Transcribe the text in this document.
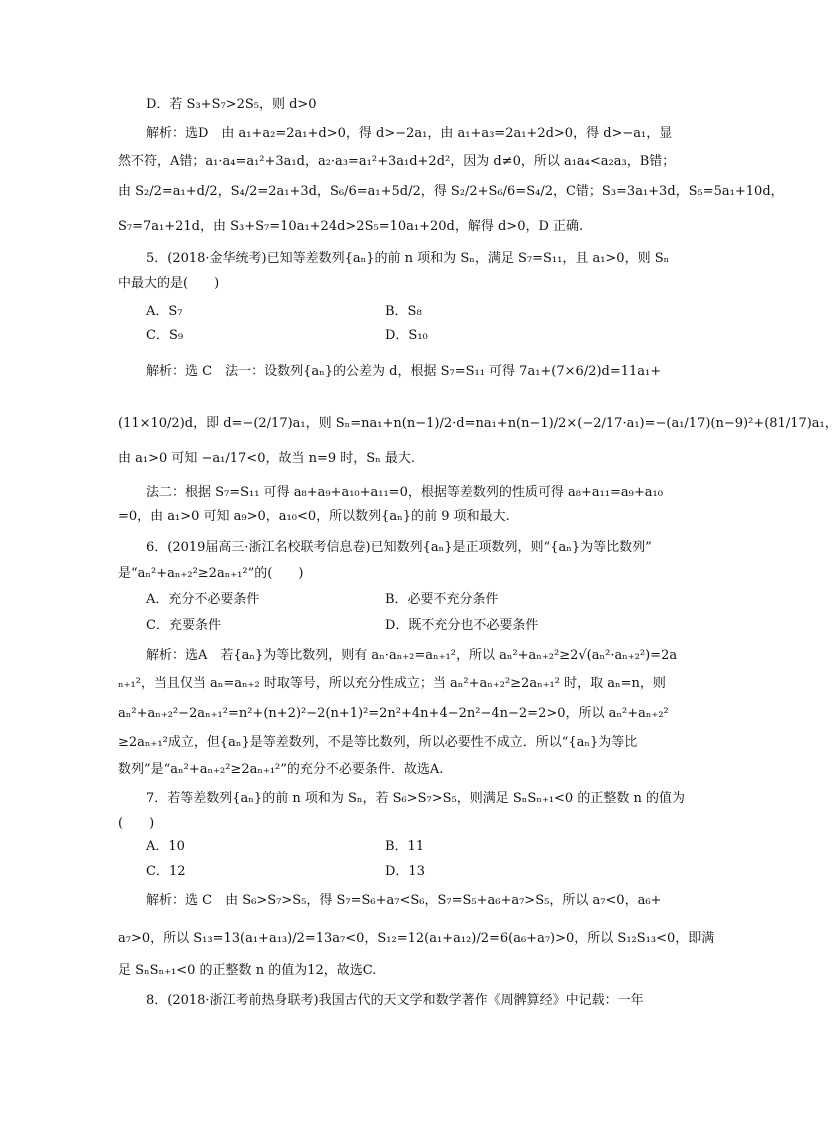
D．若 S₃+S₇>2S₅，则 d>0
解析：选D　由 a₁+a₂=2a₁+d>0，得 d>−2a₁，由 a₁+a₃=2a₁+2d>0，得 d>−a₁，显
然不符，A错；a₁·a₄=a₁²+3a₁d，a₂·a₃=a₁²+3a₁d+2d²，因为 d≠0，所以 a₁a₄<a₂a₃，B错；
由 S₂/2=a₁+d/2，S₄/2=2a₁+3d，S₆/6=a₁+5d/2，得 S₂/2+S₆/6=S₄/2，C错；S₃=3a₁+3d，S₅=5a₁+10d，
S₇=7a₁+21d，由 S₃+S₇=10a₁+24d>2S₅=10a₁+20d，解得 d>0，D 正确.
5．(2018·金华统考)已知等差数列{aₙ}的前 n 项和为 Sₙ，满足 S₇=S₁₁，且 a₁>0，则 Sₙ
中最大的是(　　)
A．S₇	B．S₈
C．S₉	D．S₁₀
解析：选 C　法一：设数列{aₙ}的公差为 d，根据 S₇=S₁₁ 可得 7a₁+(7×6/2)d=11a₁+
(11×10/2)d，即 d=−(2/17)a₁，则 Sₙ=na₁+n(n−1)/2·d=na₁+n(n−1)/2×(−2/17·a₁)=−(a₁/17)(n−9)²+(81/17)a₁，
由 a₁>0 可知 −a₁/17<0，故当 n=9 时，Sₙ 最大.
法二：根据 S₇=S₁₁ 可得 a₈+a₉+a₁₀+a₁₁=0，根据等差数列的性质可得 a₈+a₁₁=a₉+a₁₀
=0，由 a₁>0 可知 a₉>0，a₁₀<0，所以数列{aₙ}的前 9 项和最大.
6．(2019届高三·浙江名校联考信息卷)已知数列{aₙ}是正项数列，则“{aₙ}为等比数列”
是“aₙ²+aₙ₊₂²≥2aₙ₊₁²”的(　　)
A．充分不必要条件	B．必要不充分条件
C．充要条件	D．既不充分也不必要条件
解析：选A　若{aₙ}为等比数列，则有 aₙ·aₙ₊₂=aₙ₊₁²，所以 aₙ²+aₙ₊₂²≥2√(aₙ²·aₙ₊₂²)=2a
ₙ₊₁²，当且仅当 aₙ=aₙ₊₂ 时取等号，所以充分性成立；当 aₙ²+aₙ₊₂²≥2aₙ₊₁² 时，取 aₙ=n，则
aₙ²+aₙ₊₂²−2aₙ₊₁²=n²+(n+2)²−2(n+1)²=2n²+4n+4−2n²−4n−2=2>0，所以 aₙ²+aₙ₊₂²
≥2aₙ₊₁²成立，但{aₙ}是等差数列，不是等比数列，所以必要性不成立．所以“{aₙ}为等比
数列”是“aₙ²+aₙ₊₂²≥2aₙ₊₁²”的充分不必要条件．故选A.
7．若等差数列{aₙ}的前 n 项和为 Sₙ，若 S₆>S₇>S₅，则满足 SₙSₙ₊₁<0 的正整数 n 的值为
(　　)
A．10	B．11
C．12	D．13
解析：选 C　由 S₆>S₇>S₅，得 S₇=S₆+a₇<S₆，S₇=S₅+a₆+a₇>S₅，所以 a₇<0，a₆+
a₇>0，所以 S₁₃=13(a₁+a₁₃)/2=13a₇<0，S₁₂=12(a₁+a₁₂)/2=6(a₆+a₇)>0，所以 S₁₂S₁₃<0，即满
足 SₙSₙ₊₁<0 的正整数 n 的值为12，故选C.
8．(2018·浙江考前热身联考)我国古代的天文学和数学著作《周髀算经》中记载：一年
